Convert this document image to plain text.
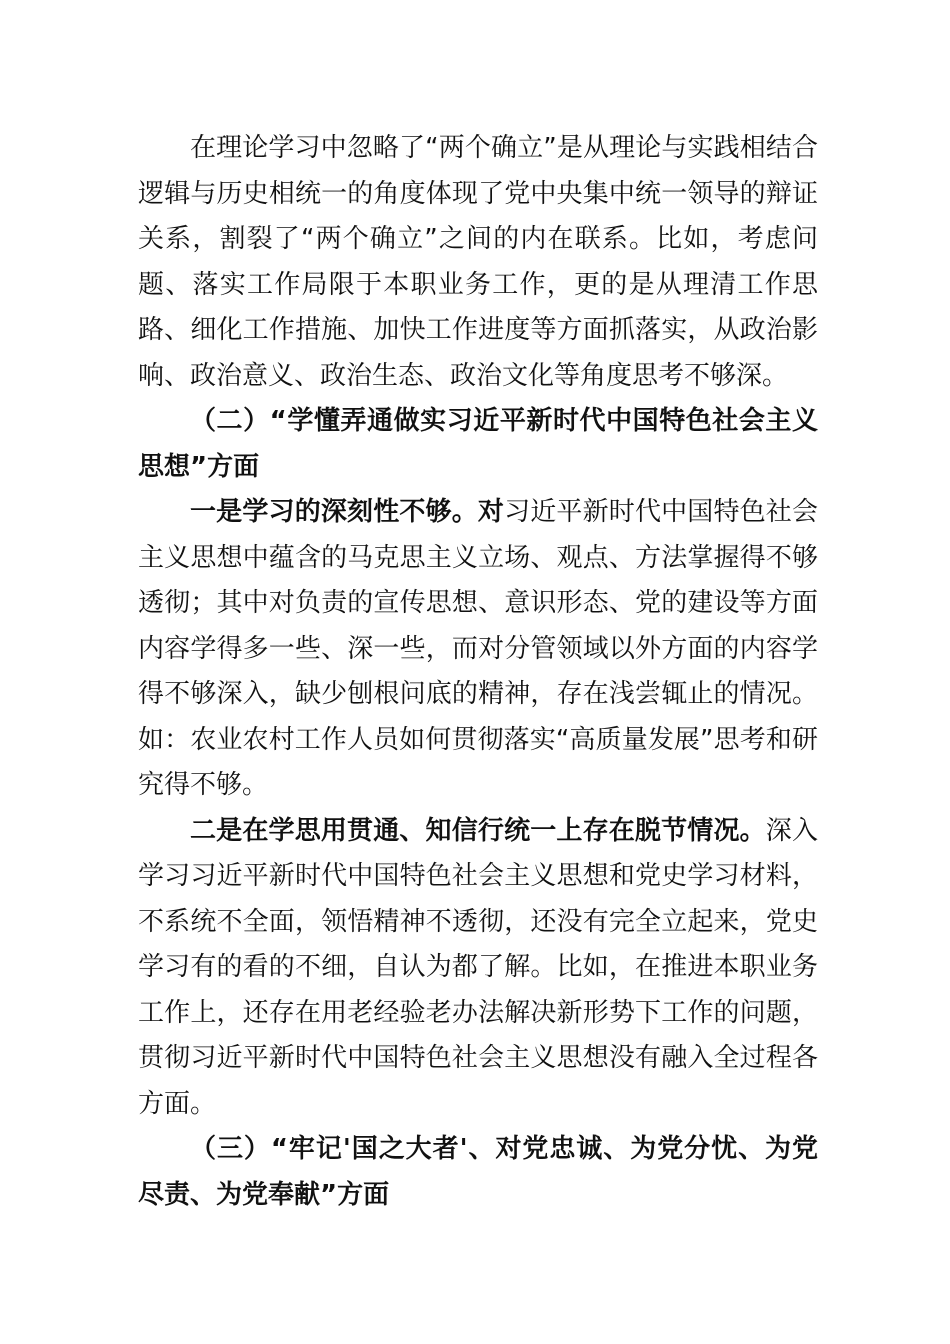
在理论学习中忽略了“两个确立”是从理论与实践相结合逻辑与历史相统一的角度体现了党中央集中统一领导的辩证关系，割裂了“两个确立”之间的内在联系。比如，考虑问题、落实工作局限于本职业务工作，更的是从理清工作思路、细化工作措施、加快工作进度等方面抓落实，从政治影响、政治意义、政治生态、政治文化等角度思考不够深。

（二）“学懂弄通做实习近平新时代中国特色社会主义思想”方面

一是学习的深刻性不够。对习近平新时代中国特色社会主义思想中蕴含的马克思主义立场、观点、方法掌握得不够透彻；其中对负责的宣传思想、意识形态、党的建设等方面内容学得多一些、深一些，而对分管领域以外方面的内容学得不够深入，缺少刨根问底的精神，存在浅尝辄止的情况。如：农业农村工作人员如何贯彻落实“高质量发展”思考和研究得不够。

二是在学思用贯通、知信行统一上存在脱节情况。深入学习习近平新时代中国特色社会主义思想和党史学习材料，不系统不全面，领悟精神不透彻，还没有完全立起来，党史学习有的看的不细，自认为都了解。比如，在推进本职业务工作上，还存在用老经验老办法解决新形势下工作的问题，贯彻习近平新时代中国特色社会主义思想没有融入全过程各方面。

（三）“牢记'国之大者'、对党忠诚、为党分忧、为党尽责、为党奉献”方面
